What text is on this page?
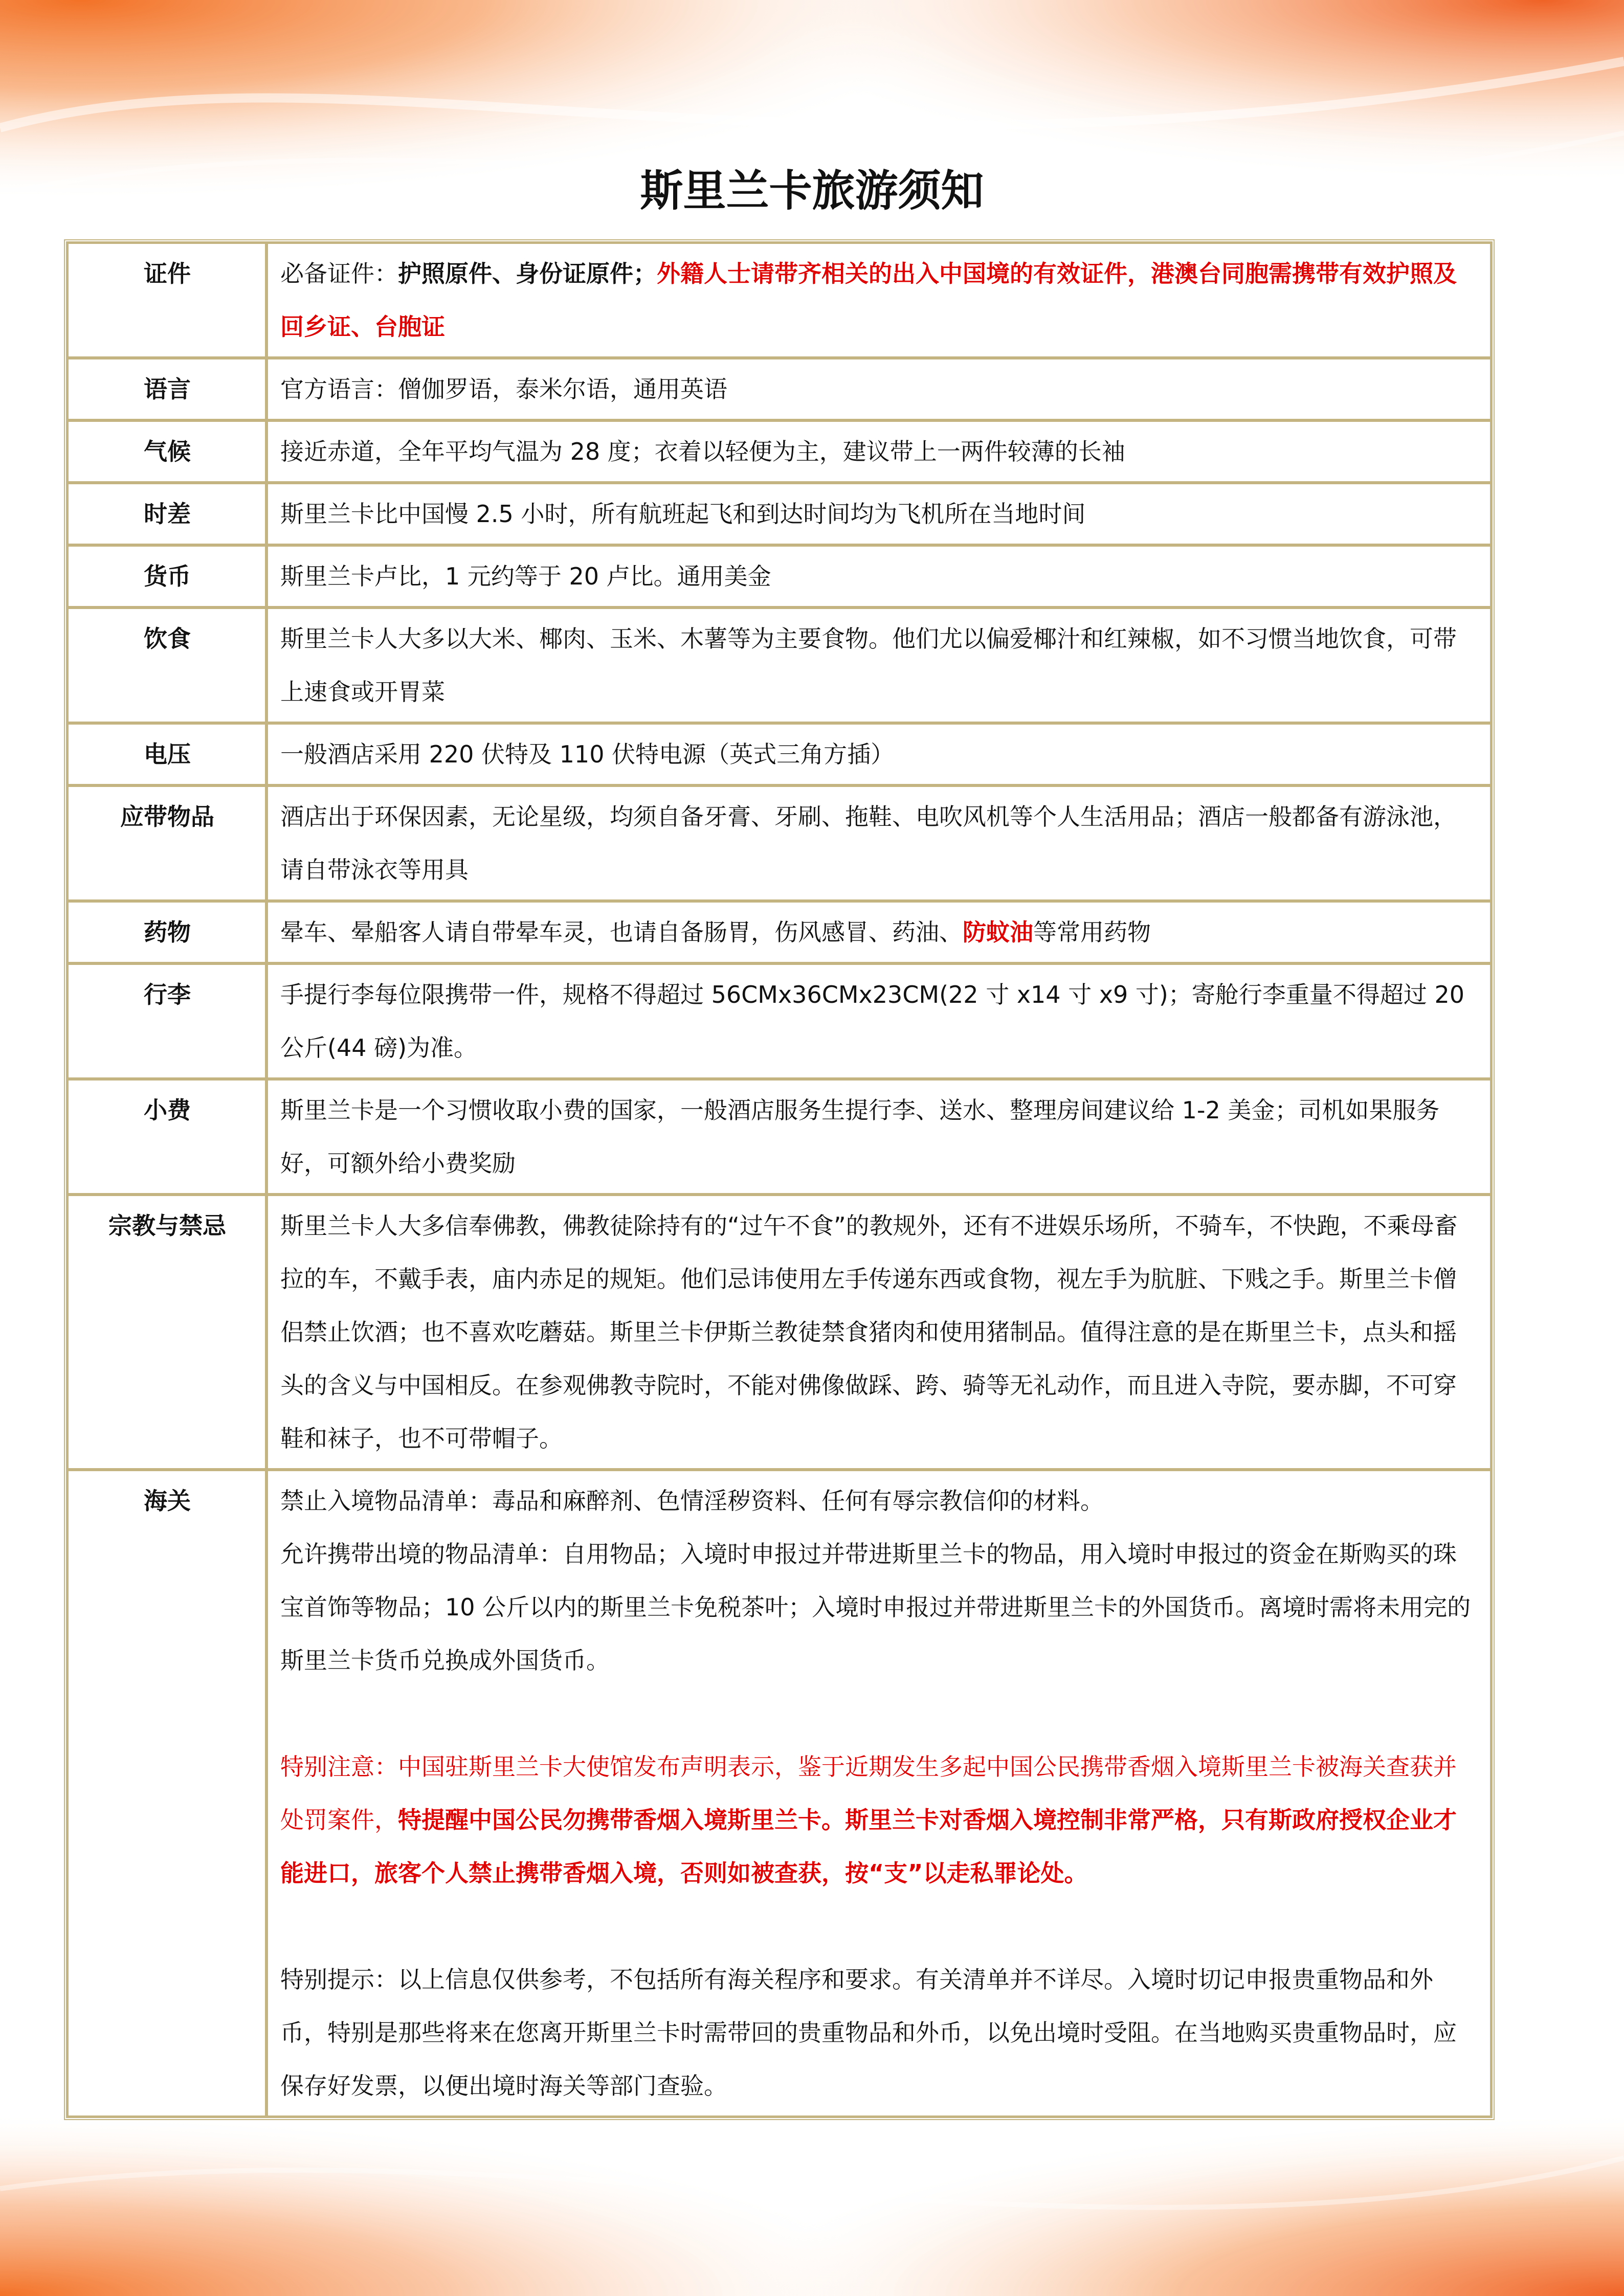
斯里兰卡旅游须知
证件	必备证件：护照原件、身份证原件；外籍人士请带齐相关的出入中国境的有效证件，港澳台同胞需携带有效护照及回乡证、台胞证
语言	官方语言：僧伽罗语，泰米尔语，通用英语
气候	接近赤道，全年平均气温为 28 度；衣着以轻便为主，建议带上一两件较薄的长袖
时差	斯里兰卡比中国慢 2.5 小时，所有航班起飞和到达时间均为飞机所在当地时间
货币	斯里兰卡卢比，1 元约等于 20 卢比。通用美金
饮食	斯里兰卡人大多以大米、椰肉、玉米、木薯等为主要食物。他们尤以偏爱椰汁和红辣椒，如不习惯当地饮食，可带上速食或开胃菜
电压	一般酒店采用 220 伏特及 110 伏特电源（英式三角方插）
应带物品	酒店出于环保因素，无论星级，均须自备牙膏、牙刷、拖鞋、电吹风机等个人生活用品；酒店一般都备有游泳池，请自带泳衣等用具
药物	晕车、晕船客人请自带晕车灵，也请自备肠胃，伤风感冒、药油、防蚊油等常用药物
行李	手提行李每位限携带一件，规格不得超过 56CMx36CMx23CM(22 寸 x14 寸 x9 寸)；寄舱行李重量不得超过 20 公斤(44 磅)为准。
小费	斯里兰卡是一个习惯收取小费的国家，一般酒店服务生提行李、送水、整理房间建议给 1-2 美金；司机如果服务好，可额外给小费奖励
宗教与禁忌	斯里兰卡人大多信奉佛教，佛教徒除持有的“过午不食”的教规外，还有不进娱乐场所，不骑车，不快跑，不乘母畜拉的车，不戴手表，庙内赤足的规矩。他们忌讳使用左手传递东西或食物，视左手为肮脏、下贱之手。斯里兰卡僧侣禁止饮酒；也不喜欢吃蘑菇。斯里兰卡伊斯兰教徒禁食猪肉和使用猪制品。值得注意的是在斯里兰卡，点头和摇头的含义与中国相反。在参观佛教寺院时，不能对佛像做踩、跨、骑等无礼动作，而且进入寺院，要赤脚，不可穿鞋和袜子，也不可带帽子。
海关	禁止入境物品清单：毒品和麻醉剂、色情淫秽资料、任何有辱宗教信仰的材料。
允许携带出境的物品清单：自用物品；入境时申报过并带进斯里兰卡的物品，用入境时申报过的资金在斯购买的珠宝首饰等物品；10 公斤以内的斯里兰卡免税茶叶；入境时申报过并带进斯里兰卡的外国货币。离境时需将未用完的斯里兰卡货币兑换成外国货币。
特别注意：中国驻斯里兰卡大使馆发布声明表示，鉴于近期发生多起中国公民携带香烟入境斯里兰卡被海关查获并处罚案件，特提醒中国公民勿携带香烟入境斯里兰卡。斯里兰卡对香烟入境控制非常严格，只有斯政府授权企业才能进口，旅客个人禁止携带香烟入境，否则如被查获，按“支”以走私罪论处。
特别提示：以上信息仅供参考，不包括所有海关程序和要求。有关清单并不详尽。入境时切记申报贵重物品和外币，特别是那些将来在您离开斯里兰卡时需带回的贵重物品和外币，以免出境时受阻。在当地购买贵重物品时，应保存好发票，以便出境时海关等部门查验。
